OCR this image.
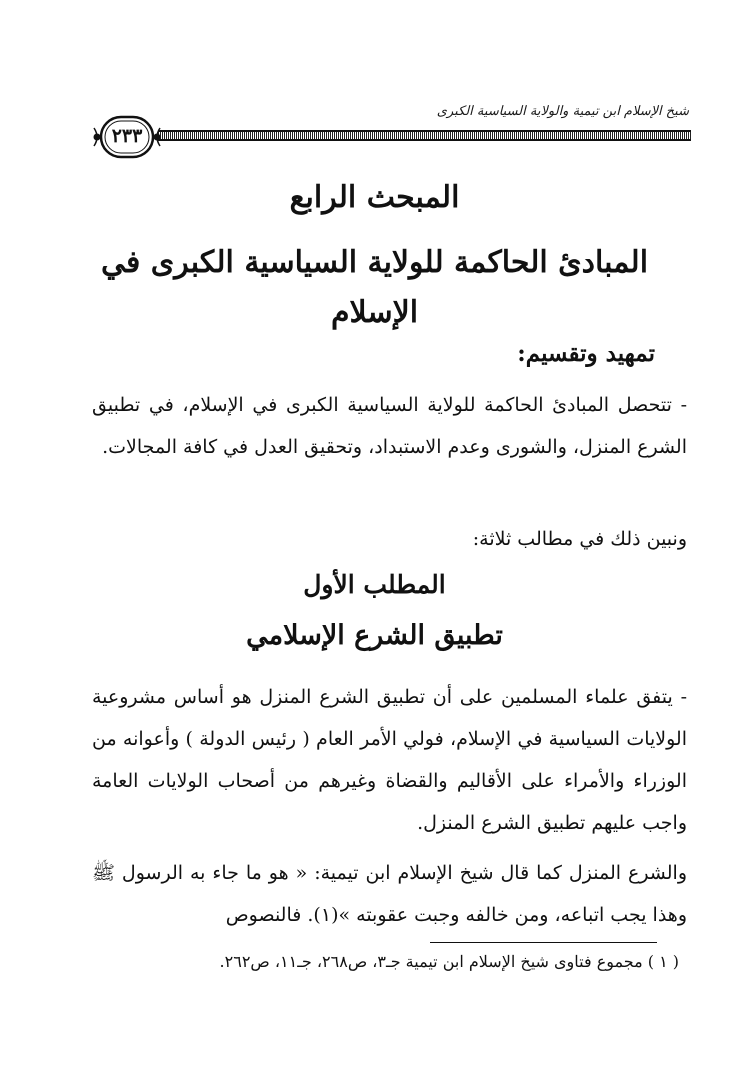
شيخ الإسلام ابن تيمية والولاية السياسية الكبرى
٢٣٣
المبحث الرابع
المبادئ الحاكمة للولاية السياسية الكبرى في الإسلام
تمهيد وتقسيم:
- تتحصل المبادئ الحاكمة للولاية السياسية الكبرى في الإسلام، في تطبيق الشرع المنزل، والشورى وعدم الاستبداد، وتحقيق العدل في كافة المجالات.
ونبين ذلك في مطالب ثلاثة:
المطلب الأول
تطبيق الشرع الإسلامي
- يتفق علماء المسلمين على أن تطبيق الشرع المنزل هو أساس مشروعية الولايات السياسية في الإسلام، فولي الأمر العام ( رئيس الدولة ) وأعوانه من الوزراء والأمراء على الأقاليم والقضاة وغيرهم من أصحاب الولايات العامة واجب عليهم تطبيق الشرع المنزل.
والشرع المنزل كما قال شيخ الإسلام ابن تيمية: « هو ما جاء به الرسول ﷺ وهذا يجب اتباعه، ومن خالفه وجبت عقوبته »(١). فالنصوص
( ١ ) مجموع فتاوى شيخ الإسلام ابن تيمية جـ٣، ص٢٦٨، جـ١١، ص٢٦٢.
